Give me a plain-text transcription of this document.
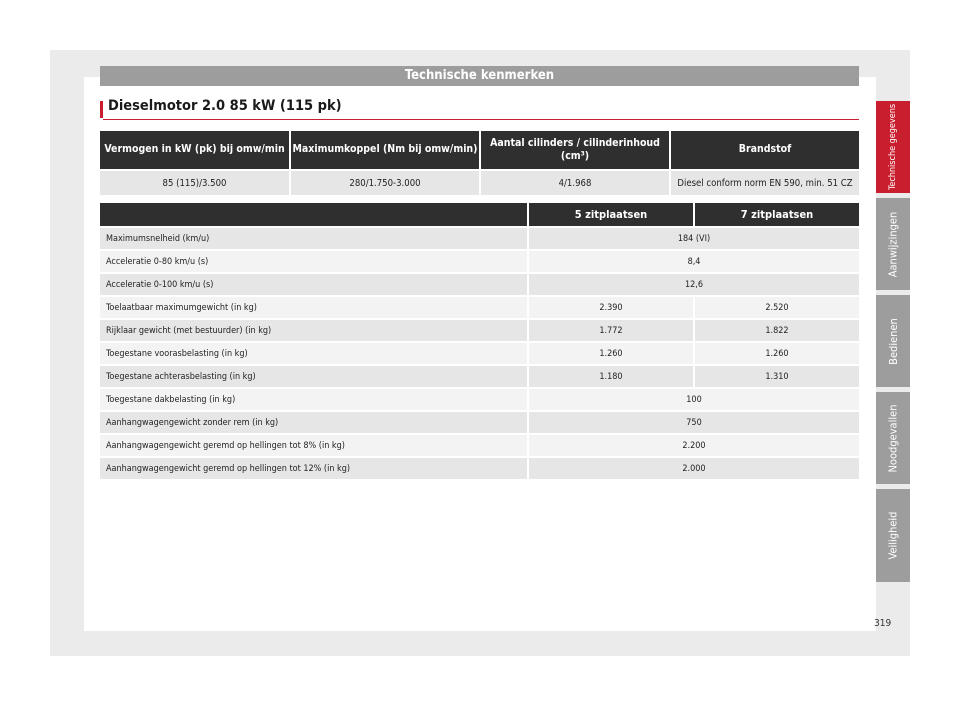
Technische kenmerken
Dieselmotor 2.0 85 kW (115 pk)
Vermogen in kW (pk) bij omw/min	Maximumkoppel (Nm bij omw/min)	Aantal cilinders / cilinderinhoud (cm³)	Brandstof
85 (115)/3.500	280/1.750-3.000	4/1.968	Diesel conform norm EN 590, min. 51 CZ
	5 zitplaatsen	7 zitplaatsen
Maximumsnelheid (km/u)	184 (VI)	
Acceleratie 0-80 km/u (s)	8,4	
Acceleratie 0-100 km/u (s)	12,6	
Toelaatbaar maximumgewicht (in kg)	2.390	2.520
Rijklaar gewicht (met bestuurder) (in kg)	1.772	1.822
Toegestane voorasbelasting (in kg)	1.260	1.260
Toegestane achterasbelasting (in kg)	1.180	1.310
Toegestane dakbelasting (in kg)	100	
Aanhangwagengewicht zonder rem (in kg)	750	
Aanhangwagengewicht geremd op hellingen tot 8% (in kg)	2.200	
Aanhangwagengewicht geremd op hellingen tot 12% (in kg)	2.000	
Technische gegevens
Aanwijzingen
Bedienen
Noodgevallen
Veiligheid
319
